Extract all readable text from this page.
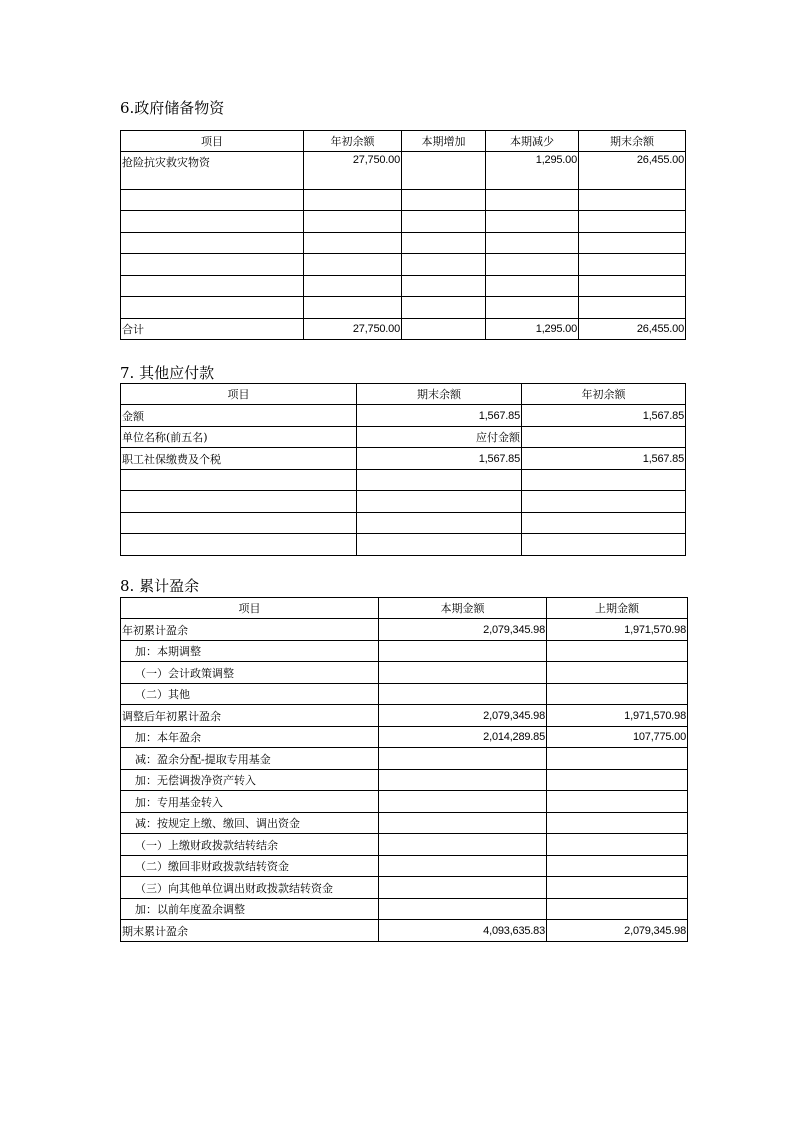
6.政府储备物资
项目	年初余额	本期增加	本期减少	期末余额
抢险抗灾救灾物资	27,750.00		1,295.00	26,455.00

合计	27,750.00		1,295.00	26,455.00
7. 其他应付款
项目	期末余额	年初余额
金额	1,567.85	1,567.85
单位名称(前五名)	应付金额	
职工社保缴费及个税	1,567.85	1,567.85

8. 累计盈余
项目	本期金额	上期金额
年初累计盈余	2,079,345.98	1,971,570.98
加：本期调整		
（一）会计政策调整		
（二）其他		
调整后年初累计盈余	2,079,345.98	1,971,570.98
加：本年盈余	2,014,289.85	107,775.00
减：盈余分配-提取专用基金		
加：无偿调拨净资产转入		
加：专用基金转入		
减：按规定上缴、缴回、调出资金		
（一）上缴财政拨款结转结余		
（二）缴回非财政拨款结转资金		
（三）向其他单位调出财政拨款结转资金		
加：以前年度盈余调整		
期末累计盈余	4,093,635.83	2,079,345.98
